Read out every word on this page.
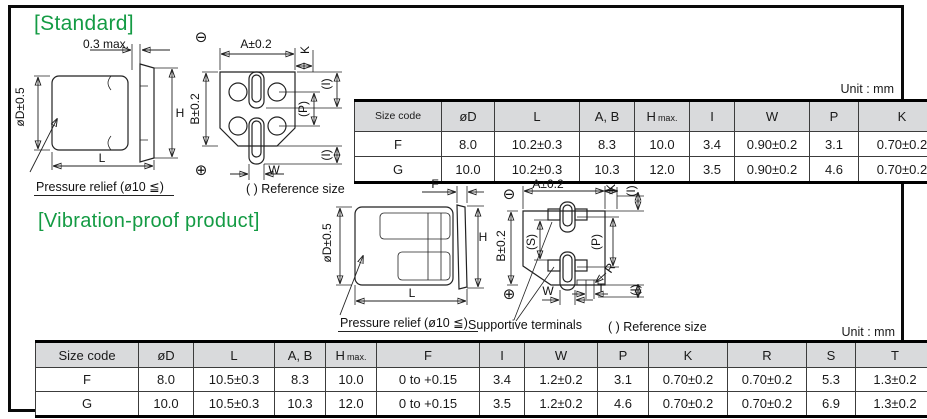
[Standard]
0.3 max.
øD±0.5	H
L
Pressure relief (ø10 ≦)
⊖	A±0.2 K
(I)
B±0.2	(P)
(I)
W
⊕
( ) Reference size
Unit : mm
Size code	øD	L	A, B	H max.	I	W	P	K
F	8.0	10.2±0.3	8.3	10.0	3.4	0.90±0.2	3.1	0.70±0.2
G	10.0	10.2±0.3	10.3	12.0	3.5	0.90±0.2	4.6	0.70±0.2
[Vibration-proof product]
F
øD±0.5	H
L
Pressure relief (ø10 ≦)
⊖
A±0.2	K (I)
B±0.2 (S)	(P)
R
T
W	(I)
⊕
Supportive terminals ( ) Reference size	Unit : mm
Size code	øD	L	A, B	H max.	F	I	W	P	K	R	S	T
F	8.0	10.5±0.3	8.3	10.0	0 to +0.15	3.4	1.2±0.2	3.1	0.70±0.2	0.70±0.2	5.3	1.3±0.2
G	10.0	10.5±0.3	10.3	12.0	0 to +0.15	3.5	1.2±0.2	4.6	0.70±0.2	0.70±0.2	6.9	1.3±0.2
